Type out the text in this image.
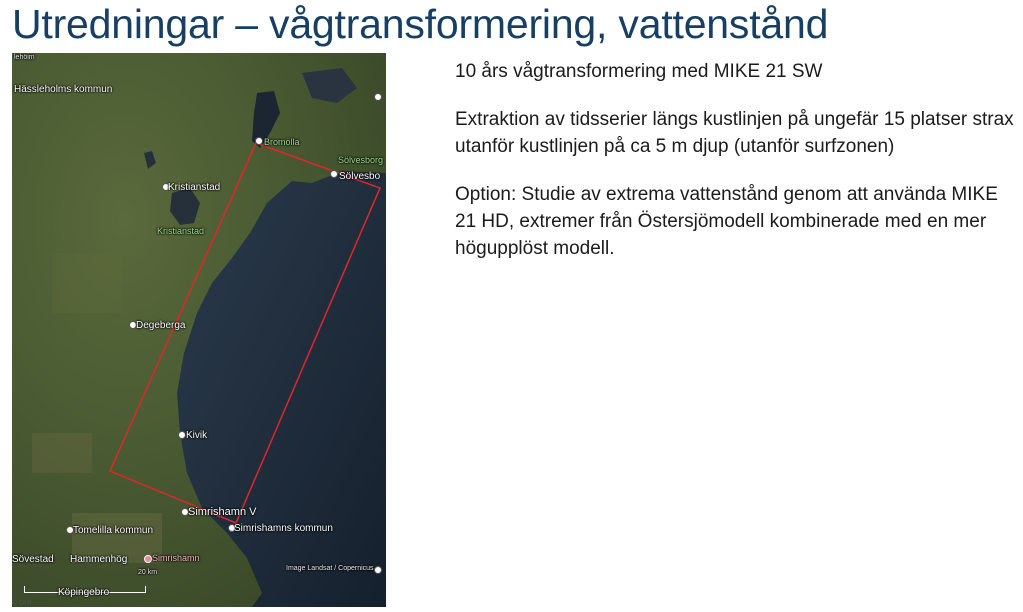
Utredningar – vågtransformering, vattenstånd
lehöim
Hässleholms kommun
Bromölla
Sölvesborg
Sölvesbo
Kristianstad
Kristianstad
Degeberga
Kivik
Simrishamn V
Simrishamns kommun
Tomelilla kommun
Sövestad Hammenhög	Simrishamn
20 km
Image Landsat / Copernicus
Köpingebro
© DHI

10 års vågtransformering med MIKE 21 SW

Extraktion av tidsserier längs kustlinjen på ungefär 15 platser strax utanför kustlinjen på ca 5 m djup (utanför surfzonen)

Option: Studie av extrema vattenstånd genom att använda MIKE 21 HD, extremer från Östersjömodell kombinerade med en mer högupplöst modell.
